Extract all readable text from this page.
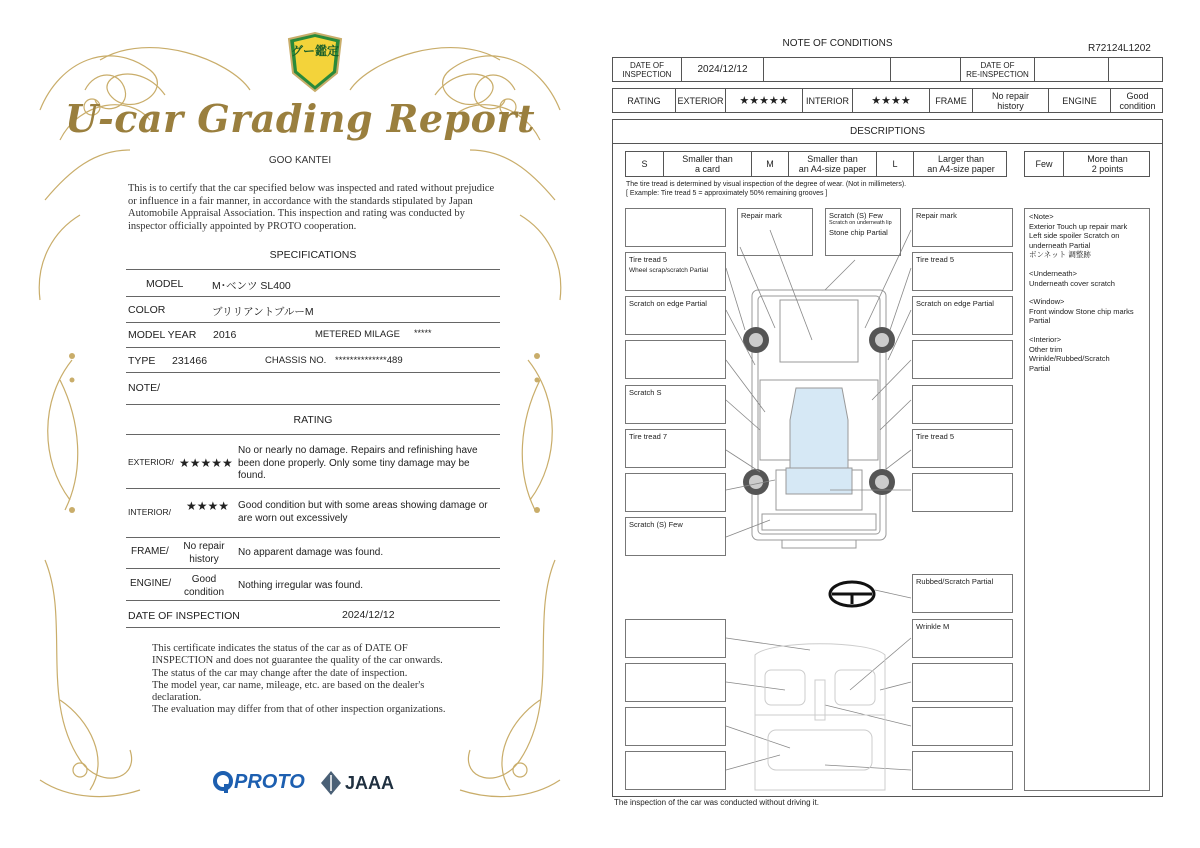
グー鑑定
U-car Grading Report
GOO KANTEI
This is to certify that the car specified below was inspected and rated without prejudice or influence in a fair manner, in accordance with the standards stipulated by Japan Automobile Appraisal Association. This inspection and rating was conducted by inspector officially appointed by PROTO cooperation.
SPECIFICATIONS
MODEL	M･ベンツ SL400
COLOR	ブリリアントブルーM
MODEL YEAR 2016	METERED MILAGE *****
TYPE 231466	CHASSIS NO. **************489
NOTE/
RATING
EXTERIOR/ ★★★★★
No or nearly no damage. Repairs and refinishing have been done properly. Only some tiny damage may be found.
INTERIOR/ ★★★★ Good condition but with some areas showing damage or are worn out excessively
FRAME/	No repair
history
No apparent damage was found.
ENGINE/	Good
condition
Nothing irregular was found.
DATE OF INSPECTION	2024/12/12
This certificate indicates the status of the car as of DATE OF
INSPECTION and does not guarantee the quality of the car onwards.
The status of the car may change after the date of inspection.
The model year, car name, mileage, etc. are based on the dealer's
declaration.
The evaluation may differ from that of other inspection organizations.
PROTO JAAA
NOTE OF CONDITIONS	R72124L1202
DATE OF
INSPECTION	2024/12/12	DATE OF
RE-INSPECTION
RATING	EXTERIOR	★★★★★	INTERIOR	★★★★	FRAME	No repair
history	ENGINE	Good
condition
DESCRIPTIONS
S	Smaller than
a card	M	Smaller than
an A4-size paper	L	Larger than
an A4-size paper	Few	More than
2 points
The tire tread is determined by visual inspection of the degree of wear. (Not in millimeters).
[ Example: Tire tread 5 = approximately 50% remaining grooves ]
Tire tread 5
Wheel scrap/scratch Partial
Scratch on edge Partial
Scratch S
Tire tread 7
Scratch (S) Few
Repair mark	Scratch (S) Few
Scratch on underneath lip
Stone chip Partial
Repair mark
Tire tread 5
Scratch on edge Partial
Tire tread 5
Rubbed/Scratch Partial
Wrinkle M
<Note>
Exterior Touch up repair mark
Left side spoiler Scratch on
underneath Partial
ボンネット 調整跡
<Underneath>
Underneath cover scratch
<Window>
Front window Stone chip marks
Partial
<Interior>
Other trim
Wrinkle/Rubbed/Scratch
Partial
The inspection of the car was conducted without driving it.
